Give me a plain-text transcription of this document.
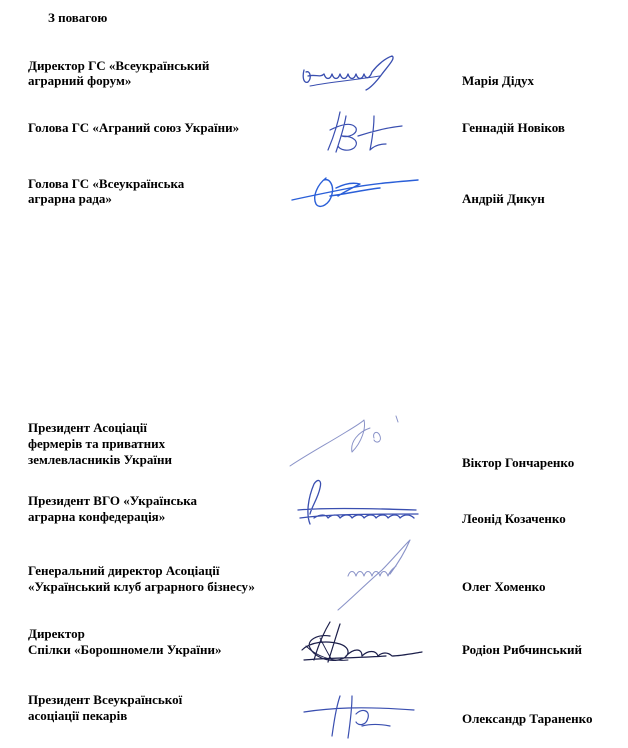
З повагою
Директор ГС «Всеукраїнський
аграрний форум»	Марія Дідух
Голова ГС «Аграний союз України»	Геннадій Новіков
Голова ГС «Всеукраїнська
аграрна рада»	Андрій Дикун
Президент Асоціації
фермерів та приватних
землевласників України	Віктор Гончаренко
Президент ВГО «Українська
аграрна конфедерація»	Леонід Козаченко
Генеральний директор Асоціації
«Український клуб аграрного бізнесу»	Олег Хоменко
Директор
Спілки «Борошномели України»	Родіон Рибчинський
Президент Всеукраїнської
асоціації пекарів	Олександр Тараненко
